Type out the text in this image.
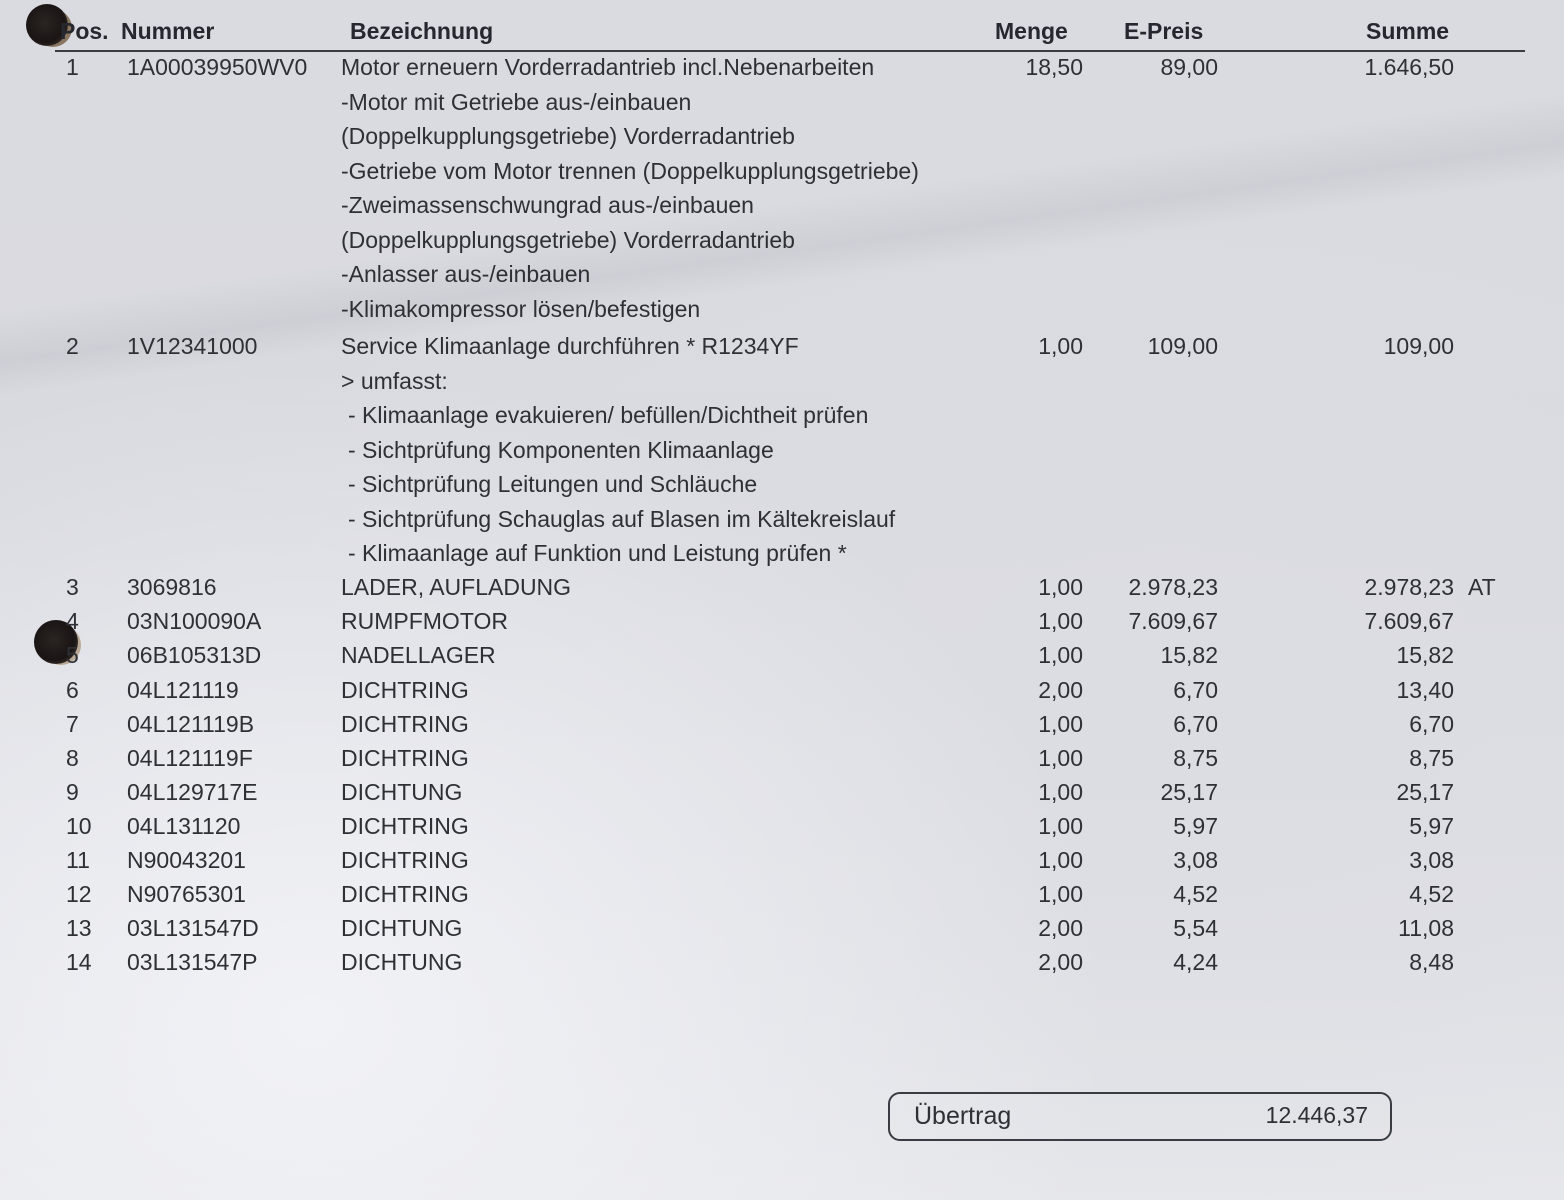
Pos. Nummer	Bezeichnung	Menge E-Preis	Summe
1	1A00039950WV0 Motor erneuern Vorderradantrieb incl.Nebenarbeiten	18,50	89,00	1.646,50
-Motor mit Getriebe aus-/einbauen
(Doppelkupplungsgetriebe) Vorderradantrieb
-Getriebe vom Motor trennen (Doppelkupplungsgetriebe)
-Zweimassenschwungrad aus-/einbauen
(Doppelkupplungsgetriebe) Vorderradantrieb
-Anlasser aus-/einbauen
-Klimakompressor lösen/befestigen
2	1V12341000	Service Klimaanlage durchführen * R1234YF	1,00	109,00	109,00
> umfasst:
- Klimaanlage evakuieren/ befüllen/Dichtheit prüfen
- Sichtprüfung Komponenten Klimaanlage
- Sichtprüfung Leitungen und Schläuche
- Sichtprüfung Schauglas auf Blasen im Kältekreislauf
- Klimaanlage auf Funktion und Leistung prüfen *
3	3069816	LADER, AUFLADUNG	1,00 2.978,23	2.978,23 AT
4	03N100090A	RUMPFMOTOR	1,00 7.609,67	7.609,67
5	06B105313D	NADELLAGER	1,00	15,82	15,82
6	04L121119	DICHTRING	2,00	6,70	13,40
7	04L121119B	DICHTRING	1,00	6,70	6,70
8	04L121119F	DICHTRING	1,00	8,75	8,75
9	04L129717E	DICHTUNG	1,00	25,17	25,17
10	04L131120	DICHTRING	1,00	5,97	5,97
11	N90043201	DICHTRING	1,00	3,08	3,08
12	N90765301	DICHTRING	1,00	4,52	4,52
13	03L131547D	DICHTUNG	2,00	5,54	11,08
14	03L131547P	DICHTUNG	2,00	4,24	8,48
Übertrag	12.446,37
